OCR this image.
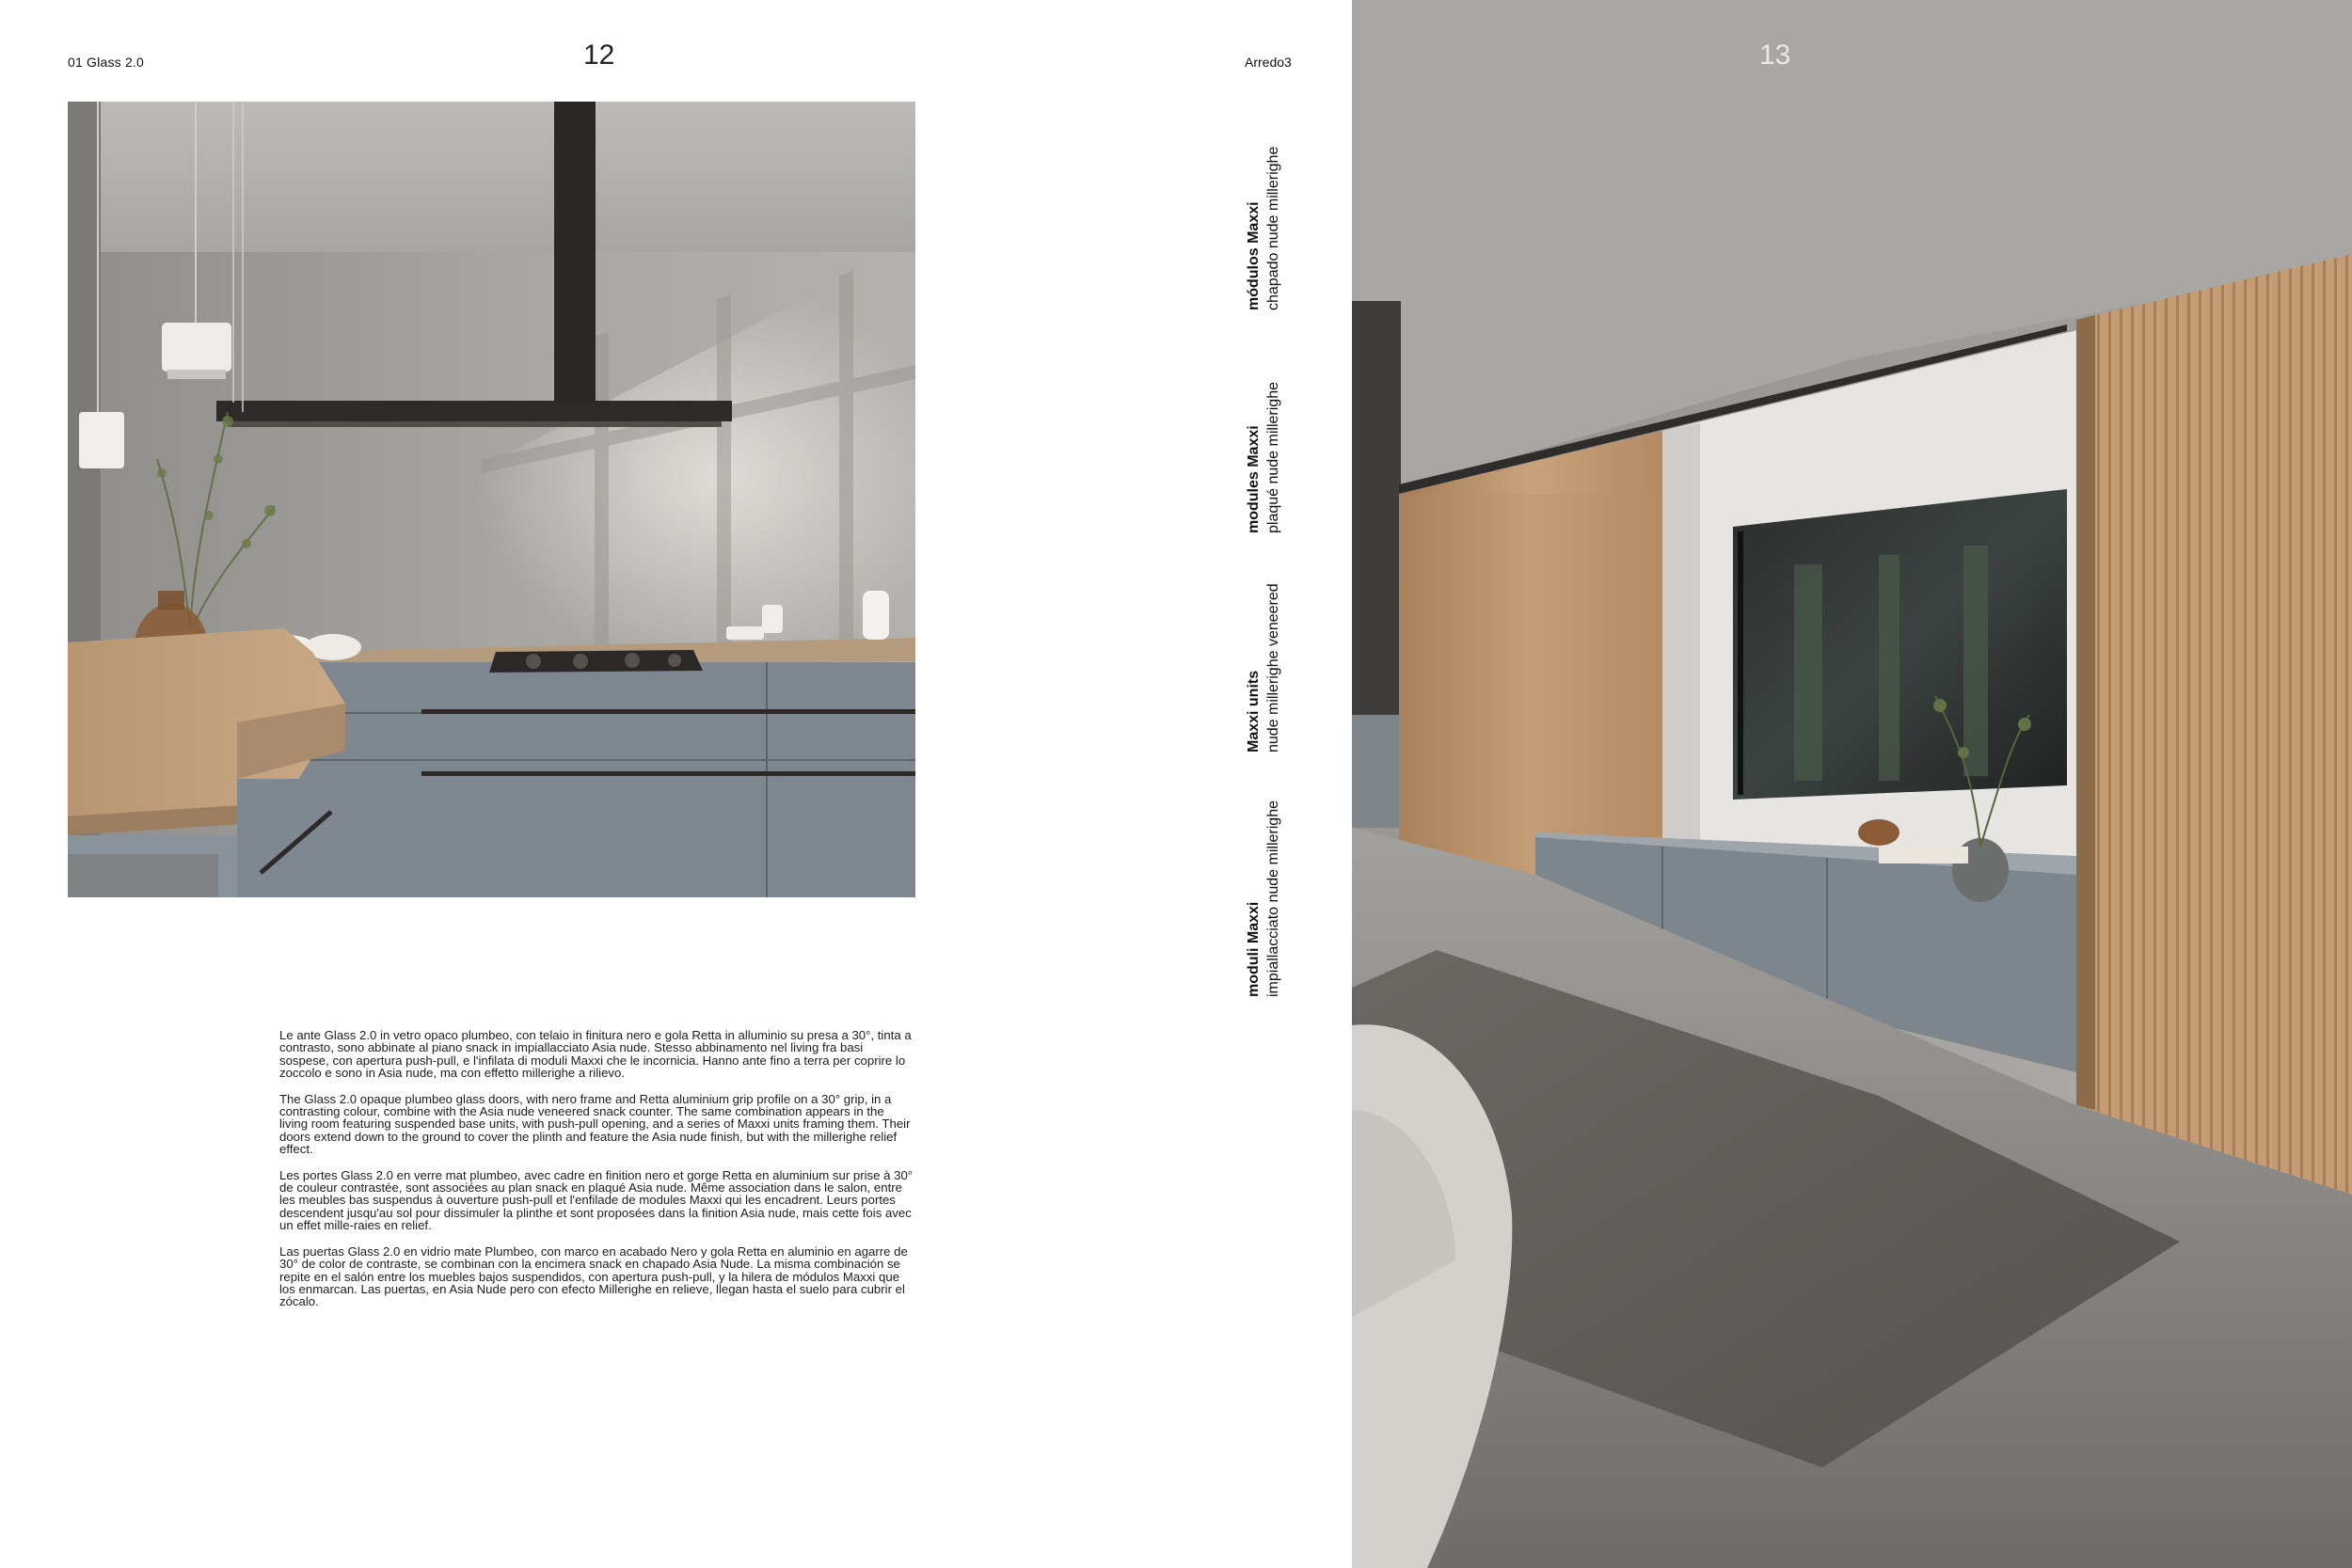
01 Glass 2.0	12	Arredo3

Le ante Glass 2.0 in vetro opaco plumbeo, con telaio in finitura nero e gola Retta in alluminio su presa a 30°, tinta a contrasto, sono abbinate al piano snack in impiallacciato Asia nude. Stesso abbinamento nel living fra basi sospese, con apertura push-pull, e l'infilata di moduli Maxxi che le incornicia. Hanno ante fino a terra per coprire lo zoccolo e sono in Asia nude, ma con effetto millerighe a rilievo.

The Glass 2.0 opaque plumbeo glass doors, with nero frame and Retta aluminium grip profile on a 30° grip, in a contrasting colour, combine with the Asia nude veneered snack counter. The same combination appears in the living room featuring suspended base units, with push-pull opening, and a series of Maxxi units framing them. Their doors extend down to the ground to cover the plinth and feature the Asia nude finish, but with the millerighe relief effect.

Les portes Glass 2.0 en verre mat plumbeo, avec cadre en finition nero et gorge Retta en aluminium sur prise à 30° de couleur contrastée, sont associées au plan snack en plaqué Asia nude. Même association dans le salon, entre les meubles bas suspendus à ouverture push-pull et l'enfilade de modules Maxxi qui les encadrent. Leurs portes descendent jusqu'au sol pour dissimuler la plinthe et sont proposées dans la finition Asia nude, mais cette fois avec un effet mille-raies en relief.

Las puertas Glass 2.0 en vidrio mate Plumbeo, con marco en acabado Nero y gola Retta en aluminio en agarre de 30° de color de contraste, se combinan con la encimera snack en chapado Asia Nude. La misma combinación se repite en el salón entre los muebles bajos suspendidos, con apertura push-pull, y la hilera de módulos Maxxi que los enmarcan. Las puertas, en Asia Nude pero con efecto Millerighe en relieve, llegan hasta el suelo para cubrir el zócalo.

moduli Maxxi impiallacciato nude millerighe
Maxxi units nude millerighe veneered
modules Maxxi plaqué nude millerighe
módulos Maxxi chapado nude millerighe
13
